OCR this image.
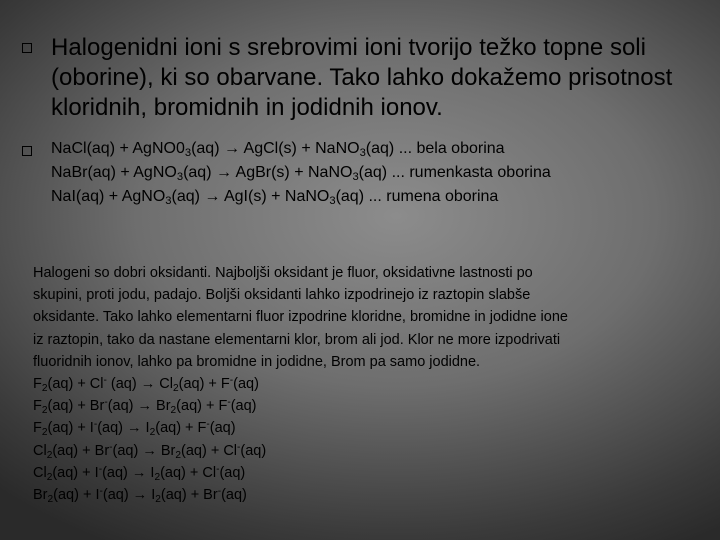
Halogenidni ioni s srebrovimi ioni tvorijo težko topne soli (oborine), ki so obarvane. Tako lahko dokažemo prisotnost kloridnih, bromidnih in jodidnih ionov.

NaCl(aq) + $AgNO0_3(aq)$ → AgCl(s) + NaNO$_3$(aq) ... bela oborina
NaBr(aq) + AgNO$_3$(aq) → AgBr(s) + NaNO$_3$(aq) ... rumenkasta oborina
NaI(aq) + AgNO$_3$(aq) → AgI(s) + NaNO$_3$(aq) ... rumena oborina
Halogeni so dobri oksidanti. Najboljši oksidant je fluor, oksidativne lastnosti po
skupini, proti jodu, padajo. Boljši oksidanti lahko izpodrinejo iz raztopin slabše
oksidante. Tako lahko elementarni fluor izpodrine kloridne, bromidne in jodidne ione
iz raztopin, tako da nastane elementarni klor, brom ali jod. Klor ne more izpodrivati
fluoridnih ionov, lahko pa bromidne in jodidne, Brom pa samo jodidne.
$F_2(aq) + Cl^-$ $(aq) \to Cl_2(aq) + F^-(aq)$
$F_2(aq) + Br^-(aq) \to Br_2(aq) + F^-(aq)$
$F_2(aq) + I^-(aq) \to I_2(aq) + F^-(aq)$
$Cl_2(aq) + Br^-(aq) \to Br_2(aq) + Cl^-(aq)$
$Cl_2(aq) + I^-(aq) \to I_2(aq) + Cl^-(aq)$
$Br_2(aq) + I^-(aq) \to I_2(aq) + Br^-(aq)$
